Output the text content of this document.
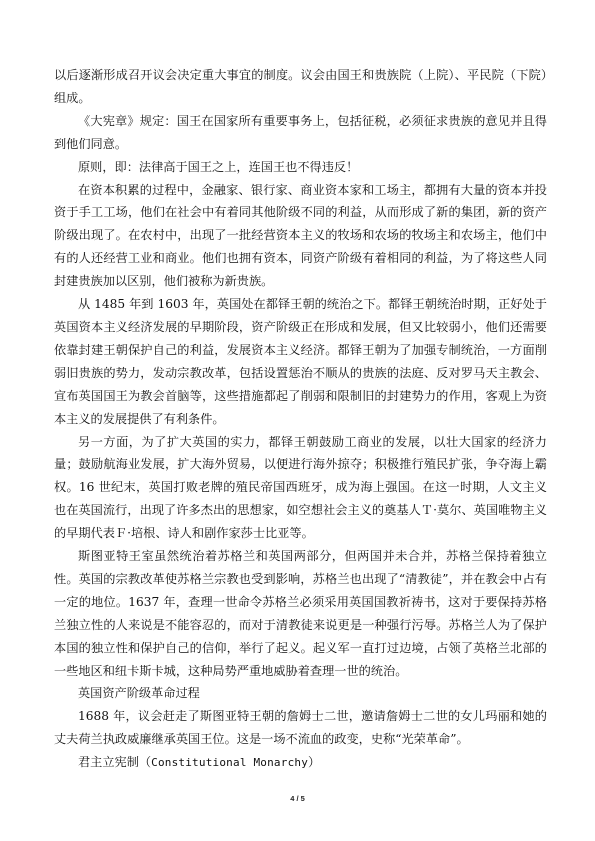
以后逐渐形成召开议会决定重大事宜的制度。议会由国王和贵族院（上院）、平民院（下院）组成。

《大宪章》规定：国王在国家所有重要事务上，包括征税，必须征求贵族的意见并且得到他们同意。

原则，即：法律高于国王之上，连国王也不得违反！

在资本积累的过程中，金融家、银行家、商业资本家和工场主，都拥有大量的资本并投资于手工工场，他们在社会中有着同其他阶级不同的利益，从而形成了新的集团，新的资产阶级出现了。在农村中，出现了一批经营资本主义的牧场和农场的牧场主和农场主，他们中有的人还经营工业和商业。他们也拥有资本，同资产阶级有着相同的利益，为了将这些人同封建贵族加以区别，他们被称为新贵族。

从 1485 年到 1603 年，英国处在都铎王朝的统治之下。都铎王朝统治时期，正好处于英国资本主义经济发展的早期阶段，资产阶级正在形成和发展，但又比较弱小，他们还需要依靠封建王朝保护自己的利益，发展资本主义经济。都铎王朝为了加强专制统治，一方面削弱旧贵族的势力，发动宗教改革，包括设置惩治不顺从的贵族的法庭、反对罗马天主教会、宣布英国国王为教会首脑等，这些措施都起了削弱和限制旧的封建势力的作用，客观上为资本主义的发展提供了有利条件。

另一方面，为了扩大英国的实力，都铎王朝鼓励工商业的发展，以壮大国家的经济力量；鼓励航海业发展，扩大海外贸易，以便进行海外掠夺；积极推行殖民扩张，争夺海上霸权。16 世纪末，英国打败老牌的殖民帝国西班牙，成为海上强国。在这一时期，人文主义也在英国流行，出现了许多杰出的思想家，如空想社会主义的奠基人Ｔ·莫尔、英国唯物主义的早期代表Ｆ·培根、诗人和剧作家莎士比亚等。

斯图亚特王室虽然统治着苏格兰和英国两部分，但两国并未合并，苏格兰保持着独立性。英国的宗教改革使苏格兰宗教也受到影响，苏格兰也出现了“清教徒”，并在教会中占有一定的地位。1637 年，查理一世命令苏格兰必须采用英国国教祈祷书，这对于要保持苏格兰独立性的人来说是不能容忍的，而对于清教徒来说更是一种强行污辱。苏格兰人为了保护本国的独立性和保护自己的信仰，举行了起义。起义军一直打过边境，占领了英格兰北部的一些地区和纽卡斯卡城，这种局势严重地威胁着查理一世的统治。

英国资产阶级革命过程

1688 年，议会赶走了斯图亚特王朝的詹姆士二世，邀请詹姆士二世的女儿玛丽和她的丈夫荷兰执政威廉继承英国王位。这是一场不流血的政变，史称“光荣革命”。

君主立宪制（Constitutional Monarchy）

4 / 5
